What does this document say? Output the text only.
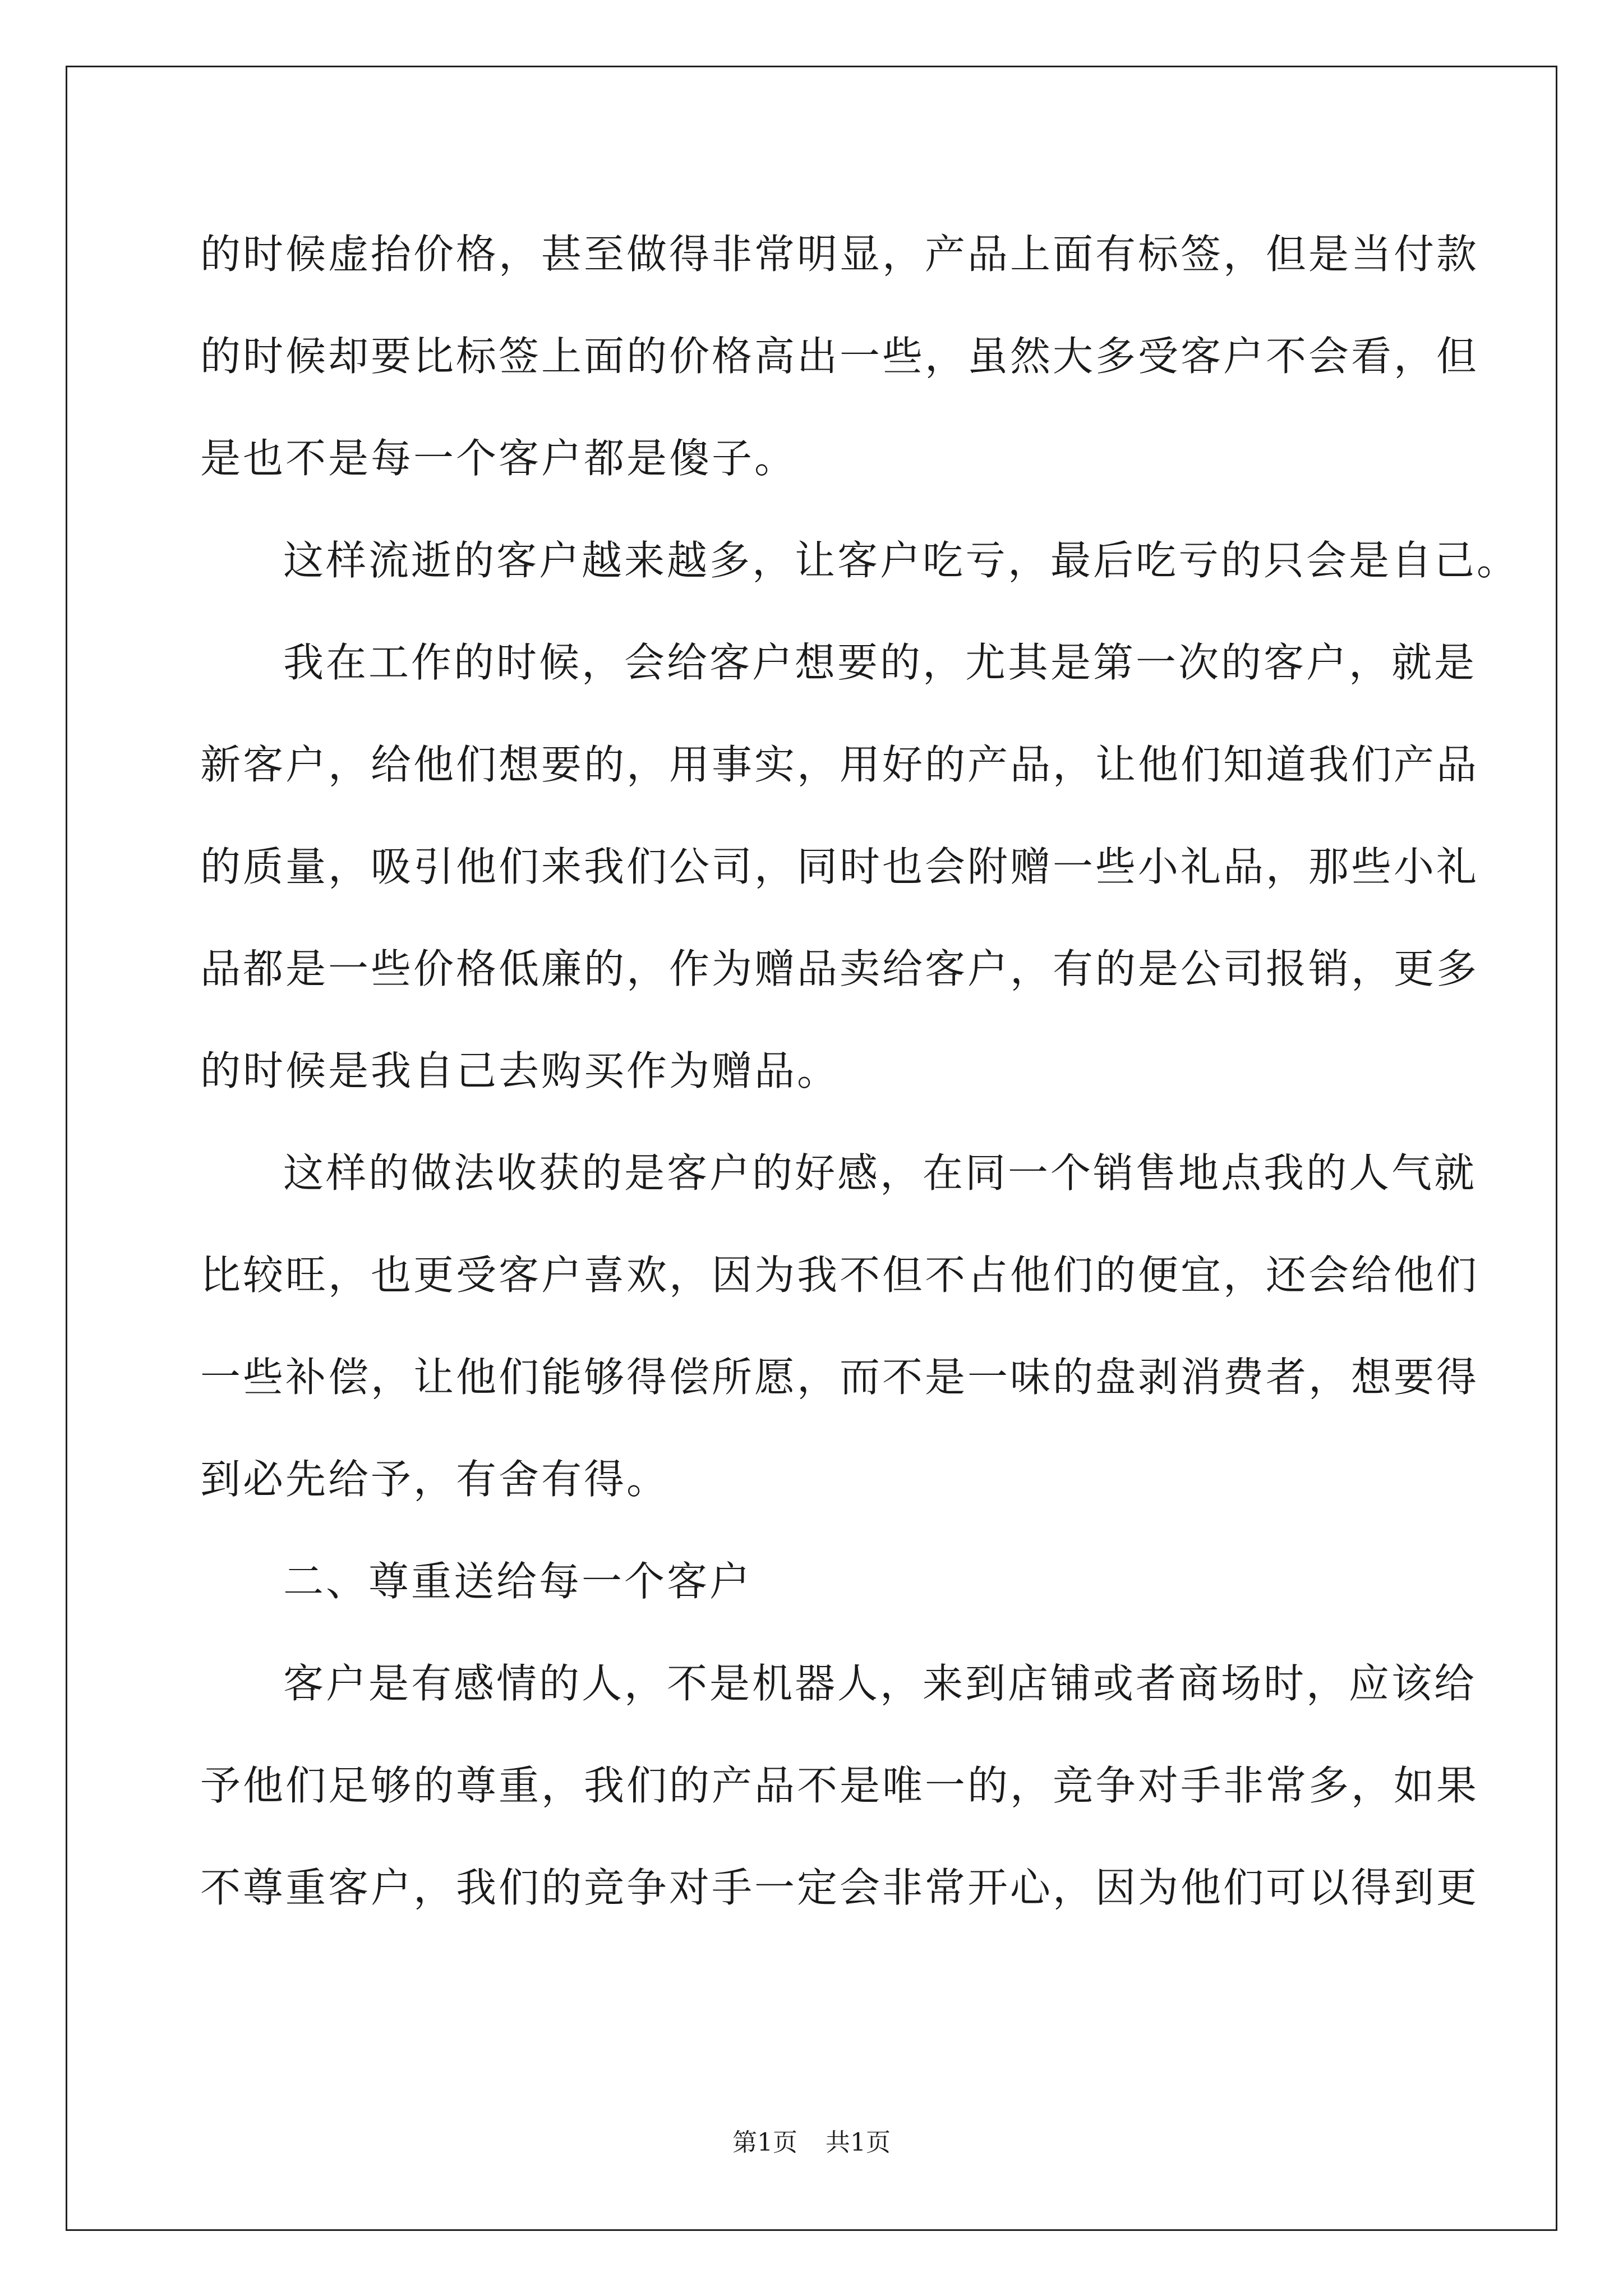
的时候虚抬价格，甚至做得非常明显，产品上面有标签，但是当付款
的时候却要比标签上面的价格高出一些，虽然大多受客户不会看，但
是也不是每一个客户都是傻子。
这样流逝的客户越来越多，让客户吃亏，最后吃亏的只会是自己。
我在工作的时候，会给客户想要的，尤其是第一次的客户，就是
新客户，给他们想要的，用事实，用好的产品，让他们知道我们产品
的质量，吸引他们来我们公司，同时也会附赠一些小礼品，那些小礼
品都是一些价格低廉的，作为赠品卖给客户，有的是公司报销，更多
的时候是我自己去购买作为赠品。
这样的做法收获的是客户的好感，在同一个销售地点我的人气就
比较旺，也更受客户喜欢，因为我不但不占他们的便宜，还会给他们
一些补偿，让他们能够得偿所愿，而不是一味的盘剥消费者，想要得
到必先给予，有舍有得。
二、尊重送给每一个客户
客户是有感情的人，不是机器人，来到店铺或者商场时，应该给
予他们足够的尊重，我们的产品不是唯一的，竞争对手非常多，如果
不尊重客户，我们的竞争对手一定会非常开心，因为他们可以得到更
第1页 共1页
